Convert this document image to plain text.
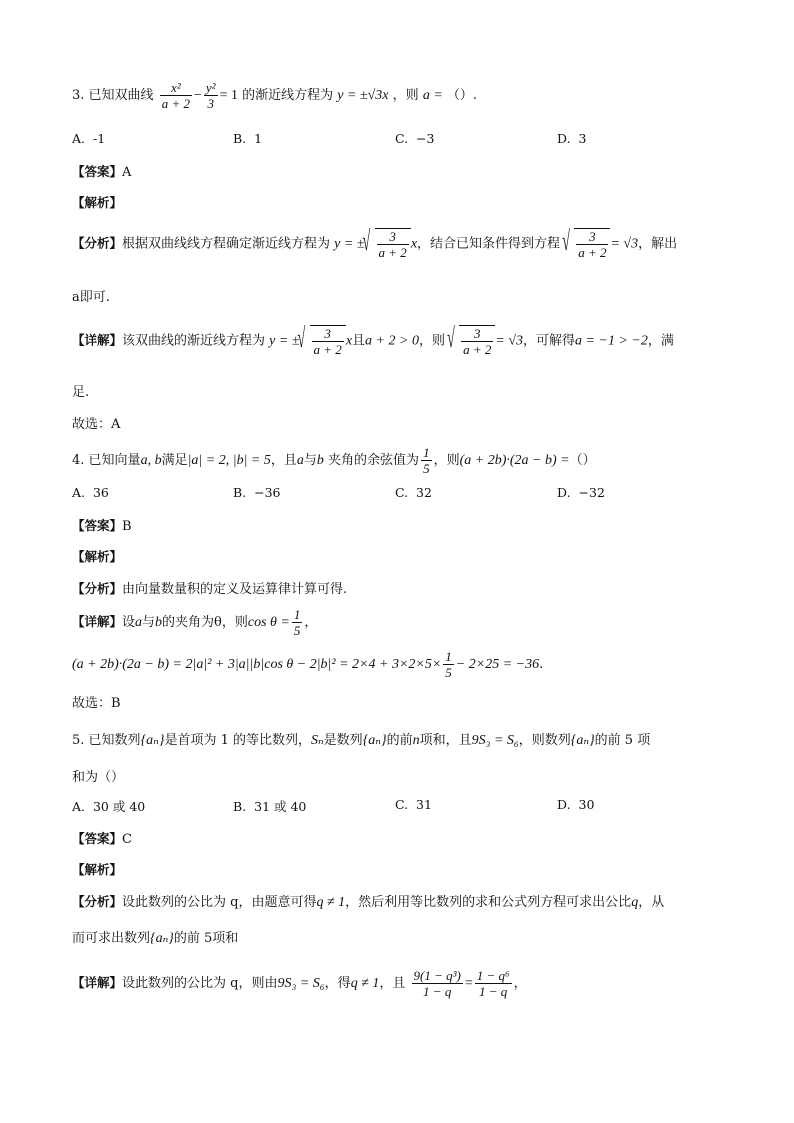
3. 已知双曲线 $\frac{\text{x²}}{a + 2} - \frac{\text{y²}}{3} = 1$ 的渐近线方程为 y = ±√3x ，则 a = （）.
A. -1	B. 1	C. −3	D. 3
【答案】A
【解析】
【分析】根据双曲线线方程确定渐近线方程为 y = ± √ $\frac{3}{a + 2}$ x，结合已知条件得到方程 √ $\frac{3}{a + 2} = √3$，解出
a即可.
【详解】该双曲线的渐近线方程为 y = ± √ $\frac{3}{a + 2}$ x且a + 2 > 0，则 √ $\frac{3}{a + 2} = √3$，可解得a = −1 > −2，满
足.
故选：A
4. 已知向量a, b满足|a| = 2, |b| = 5，且a与b 夹角的余弦值为 $\frac{1}{5}$ ，则(a + 2b)·(2a − b) =（）
A. 36	B. −36	C. 32	D. −32
【答案】B
【解析】
【分析】由向量数量积的定义及运算律计算可得.
【详解】设a与b的夹角为θ，则$\cos \theta = \frac{1}{5}$ ，
(a + 2b)·(2a − b) = 2|a|² + 3|a||b|cos $\theta - 2|b|^2 = 2\times 4 + 3\times 2\times 5\times \frac{1}{5} - 2\times 25 = -36$.
故选：B
5. 已知数列{aₙ}是首项为 1 的等比数列，Sₙ是数列{aₙ}的前n项和，且9S₃ = S₆，则数列{aₙ}的前 5 项
和为（）
A. 30 或 40	B. 31 或 40	C. 31	D. 30
【答案】C
【解析】
【分析】设此数列的公比为 q，由题意可得q ≠ 1，然后利用等比数列的求和公式列方程可求出公比q，从
而可求出数列{aₙ}的前 5项和
【详解】设此数列的公比为 q，则由9S₃ = S₆，得q ≠ 1，且 $\frac{\text{9(1 − q³)}}{1 - q} = \frac{\text{1 − q⁶}}{1 - q}$ ，
